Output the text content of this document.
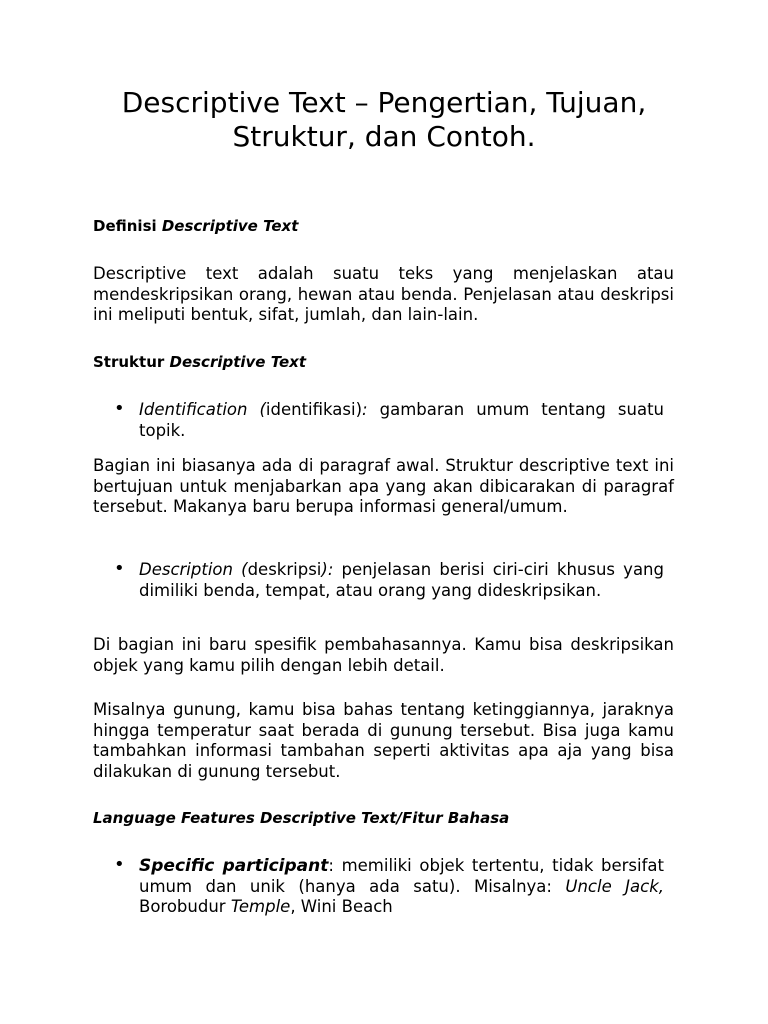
Descriptive Text – Pengertian, Tujuan,
Struktur, dan Contoh.

Definisi Descriptive Text

Descriptive text adalah suatu teks yang menjelaskan atau mendeskripsikan orang, hewan atau benda. Penjelasan atau deskripsi ini meliputi bentuk, sifat, jumlah, dan lain-lain.

Struktur Descriptive Text

• Identification (identifikasi): gambaran umum tentang suatu topik.

Bagian ini biasanya ada di paragraf awal. Struktur descriptive text ini bertujuan untuk menjabarkan apa yang akan dibicarakan di paragraf tersebut. Makanya baru berupa informasi general/umum.

• Description (deskripsi): penjelasan berisi ciri-ciri khusus yang dimiliki benda, tempat, atau orang yang dideskripsikan.

Di bagian ini baru spesifik pembahasannya. Kamu bisa deskripsikan objek yang kamu pilih dengan lebih detail.

Misalnya gunung, kamu bisa bahas tentang ketinggiannya, jaraknya hingga temperatur saat berada di gunung tersebut. Bisa juga kamu tambahkan informasi tambahan seperti aktivitas apa aja yang bisa dilakukan di gunung tersebut.

Language Features Descriptive Text/Fitur Bahasa

• Specific participant: memiliki objek tertentu, tidak bersifat umum dan unik (hanya ada satu). Misalnya: Uncle Jack, Borobudur Temple, Wini Beach
